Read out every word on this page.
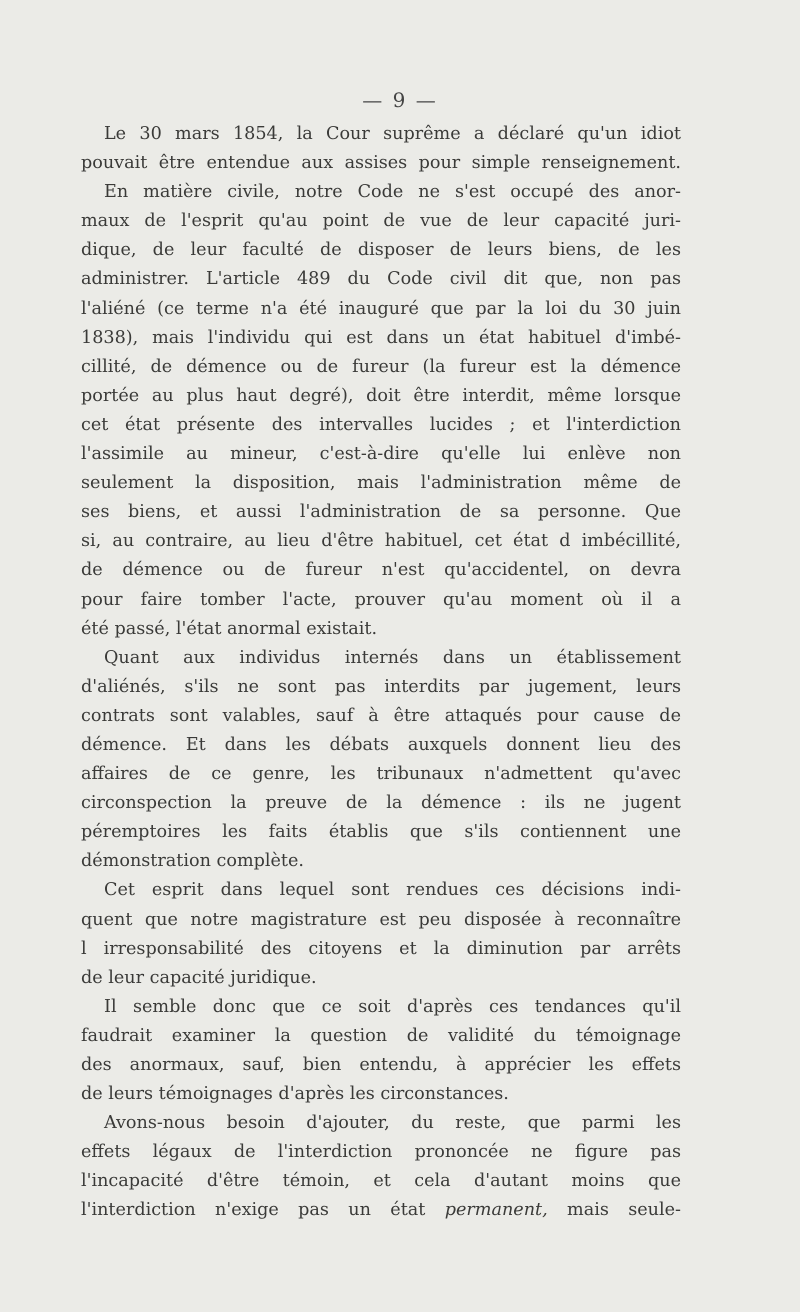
— 9 —
Le 30 mars 1854, la Cour suprême a déclaré qu'un idiot
pouvait être entendue aux assises pour simple renseignement.
En matière civile, notre Code ne s'est occupé des anor-
maux de l'esprit qu'au point de vue de leur capacité juri-
dique, de leur faculté de disposer de leurs biens, de les
administrer. L'article 489 du Code civil dit que, non pas
l'aliéné (ce terme n'a été inauguré que par la loi du 30 juin
1838), mais l'individu qui est dans un état habituel d'imbé-
cillité, de démence ou de fureur (la fureur est la démence
portée au plus haut degré), doit être interdit, même lorsque
cet état présente des intervalles lucides ; et l'interdiction
l'assimile au mineur, c'est-à-dire qu'elle lui enlève non
seulement la disposition, mais l'administration même de
ses biens, et aussi l'administration de sa personne. Que
si, au contraire, au lieu d'être habituel, cet état d imbécillité,
de démence ou de fureur n'est qu'accidentel, on devra
pour faire tomber l'acte, prouver qu'au moment où il a
été passé, l'état anormal existait.
Quant aux individus internés dans un établissement
d'aliénés, s'ils ne sont pas interdits par jugement, leurs
contrats sont valables, sauf à être attaqués pour cause de
démence. Et dans les débats auxquels donnent lieu des
affaires de ce genre, les tribunaux n'admettent qu'avec
circonspection la preuve de la démence : ils ne jugent
péremptoires les faits établis que s'ils contiennent une
démonstration complète.
Cet esprit dans lequel sont rendues ces décisions indi-
quent que notre magistrature est peu disposée à reconnaître
l irresponsabilité des citoyens et la diminution par arrêts
de leur capacité juridique.
Il semble donc que ce soit d'après ces tendances qu'il
faudrait examiner la question de validité du témoignage
des anormaux, sauf, bien entendu, à apprécier les effets
de leurs témoignages d'après les circonstances.
Avons-nous besoin d'ajouter, du reste, que parmi les
effets légaux de l'interdiction prononcée ne figure pas
l'incapacité d'être témoin, et cela d'autant moins que
l'interdiction n'exige pas un état permanent, mais seule-
